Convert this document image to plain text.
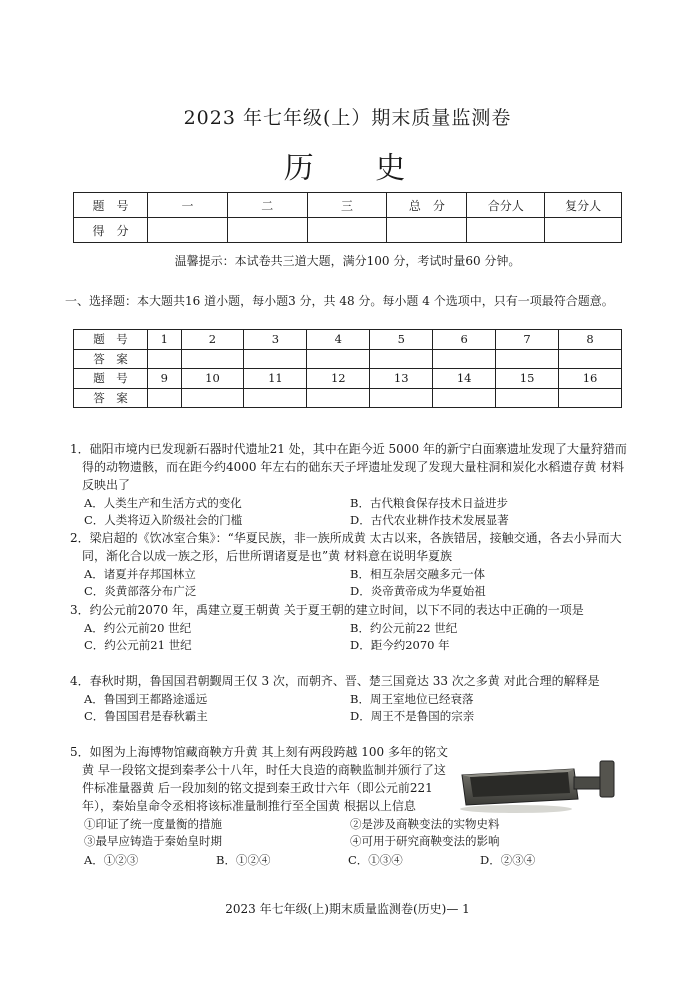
2023 年七年级(上）期末质量监测卷
历 史
题　号	一	二	三	总　分	合分人	复分人
得　分						
温馨提示：本试卷共三道大题，满分100 分，考试时量60 分钟。
一、选择题：本大题共16 道小题，每小题3 分，共 48 分。每小题 4 个选项中，只有一项最符合题意。
题　号	1	2	3	4	5	6	7	8
答　案								
题　号	9	10	11	12	13	14	15	16
答　案								
1．础阳市境内已发现新石器时代遗址21 处，其中在距今近 5000 年的新宁白面寨遗址发现了大量狩猎而得的动物遗骸，而在距今约4000 年左右的础东天子坪遗址发现了发现大量柱洞和炭化水稻遗存黄 材料反映出了
A．人类生产和生活方式的变化	B．古代粮食保存技术日益进步
C．人类将迈入阶级社会的门槛	D．古代农业耕作技术发展显著
2．梁启超的《饮冰室合集》：“华夏民族，非一族所成黄 太古以来，各族错居，接触交通，各去小异而大同，渐化合以成一族之形，后世所谓诸夏是也”黄 材料意在说明华夏族
A．诸夏并存邦国林立	B．相互杂居交融多元一体
C．炎黄部落分布广泛	D．炎帝黄帝成为华夏始祖
3．约公元前2070 年，禹建立夏王朝黄 关于夏王朝的建立时间，以下不同的表达中正确的一项是
A．约公元前20 世纪	B．约公元前22 世纪
C．约公元前21 世纪	D．距今约2070 年
4．春秋时期，鲁国国君朝觐周王仅 3 次，而朝齐、晋、楚三国竟达 33 次之多黄 对此合理的解释是
A．鲁国到王都路途遥远	B．周王室地位已经衰落
C．鲁国国君是春秋霸主	D．周王不是鲁国的宗亲
5．如图为上海博物馆藏商鞅方升黄 其上刻有两段跨越 100 多年的铭文黄 早一段铭文提到秦孝公十八年，时任大良造的商鞅监制并颁行了这件标准量器黄 后一段加刻的铭文提到秦王政廿六年（即公元前221 年），秦始皇命令丞相将该标准量制推行至全国黄 根据以上信息
①印证了统一度量衡的措施	②是涉及商鞅变法的实物史料
③最早应铸造于秦始皇时期	④可用于研究商鞅变法的影响
A．①②③	B．①②④	C．①③④	D．②③④
2023 年七年级(上)期末质量监测卷(历史)— 1
